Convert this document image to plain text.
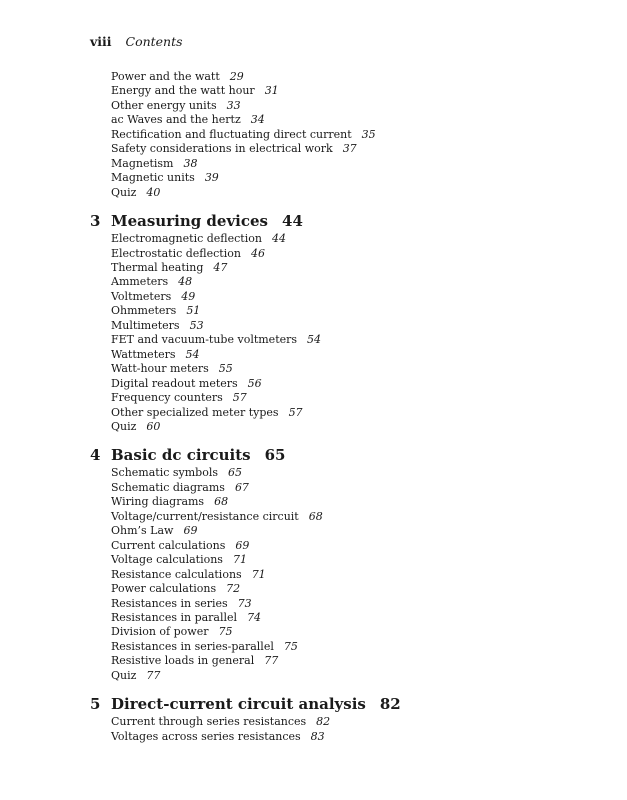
viii Contents
Power and the watt 29
Energy and the watt hour 31
Other energy units 33
ac Waves and the hertz 34
Rectification and fluctuating direct current 35
Safety considerations in electrical work 37
Magnetism 38
Magnetic units 39
Quiz 40
3 Measuring devices 44
Electromagnetic deflection 44
Electrostatic deflection 46
Thermal heating 47
Ammeters 48
Voltmeters 49
Ohmmeters 51
Multimeters 53
FET and vacuum-tube voltmeters 54
Wattmeters 54
Watt-hour meters 55
Digital readout meters 56
Frequency counters 57
Other specialized meter types 57
Quiz 60
4 Basic dc circuits 65
Schematic symbols 65
Schematic diagrams 67
Wiring diagrams 68
Voltage/current/resistance circuit 68
Ohm’s Law 69
Current calculations 69
Voltage calculations 71
Resistance calculations 71
Power calculations 72
Resistances in series 73
Resistances in parallel 74
Division of power 75
Resistances in series-parallel 75
Resistive loads in general 77
Quiz 77
5 Direct-current circuit analysis 82
Current through series resistances 82
Voltages across series resistances 83
